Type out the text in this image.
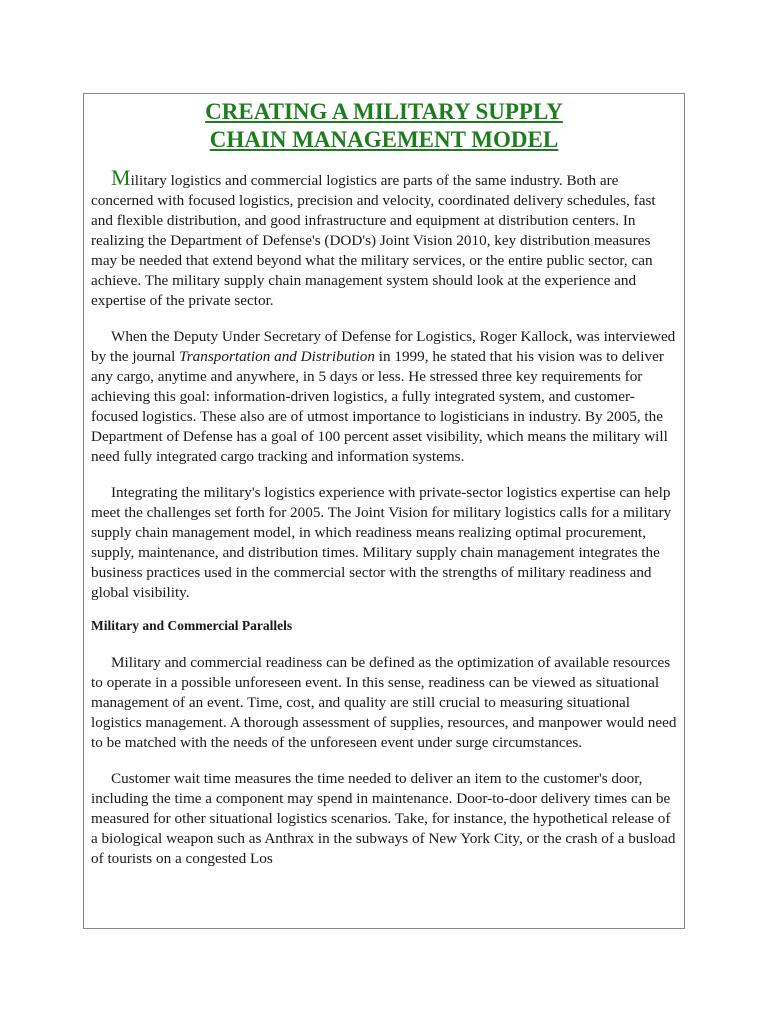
CREATING A MILITARY SUPPLY
CHAIN MANAGEMENT MODEL

Military logistics and commercial logistics are parts of the same industry. Both are concerned with focused logistics, precision and velocity, coordinated delivery schedules, fast and flexible distribution, and good infrastructure and equipment at distribution centers. In realizing the Department of Defense's (DOD's) Joint Vision 2010, key distribution measures may be needed that extend beyond what the military services, or the entire public sector, can achieve. The military supply chain management system should look at the experience and expertise of the private sector.

When the Deputy Under Secretary of Defense for Logistics, Roger Kallock, was interviewed by the journal Transportation and Distribution in 1999, he stated that his vision was to deliver any cargo, anytime and anywhere, in 5 days or less. He stressed three key requirements for achieving this goal: information-driven logistics, a fully integrated system, and customer-focused logistics. These also are of utmost importance to logisticians in industry. By 2005, the Department of Defense has a goal of 100 percent asset visibility, which means the military will need fully integrated cargo tracking and information systems.

Integrating the military's logistics experience with private-sector logistics expertise can help meet the challenges set forth for 2005. The Joint Vision for military logistics calls for a military supply chain management model, in which readiness means realizing optimal procurement, supply, maintenance, and distribution times. Military supply chain management integrates the business practices used in the commercial sector with the strengths of military readiness and global visibility.

Military and Commercial Parallels

Military and commercial readiness can be defined as the optimization of available resources to operate in a possible unforeseen event. In this sense, readiness can be viewed as situational management of an event. Time, cost, and quality are still crucial to measuring situational logistics management. A thorough assessment of supplies, resources, and manpower would need to be matched with the needs of the unforeseen event under surge circumstances.

Customer wait time measures the time needed to deliver an item to the customer's door, including the time a component may spend in maintenance. Door-to-door delivery times can be measured for other situational logistics scenarios. Take, for instance, the hypothetical release of a biological weapon such as Anthrax in the subways of New York City, or the crash of a busload of tourists on a congested Los
